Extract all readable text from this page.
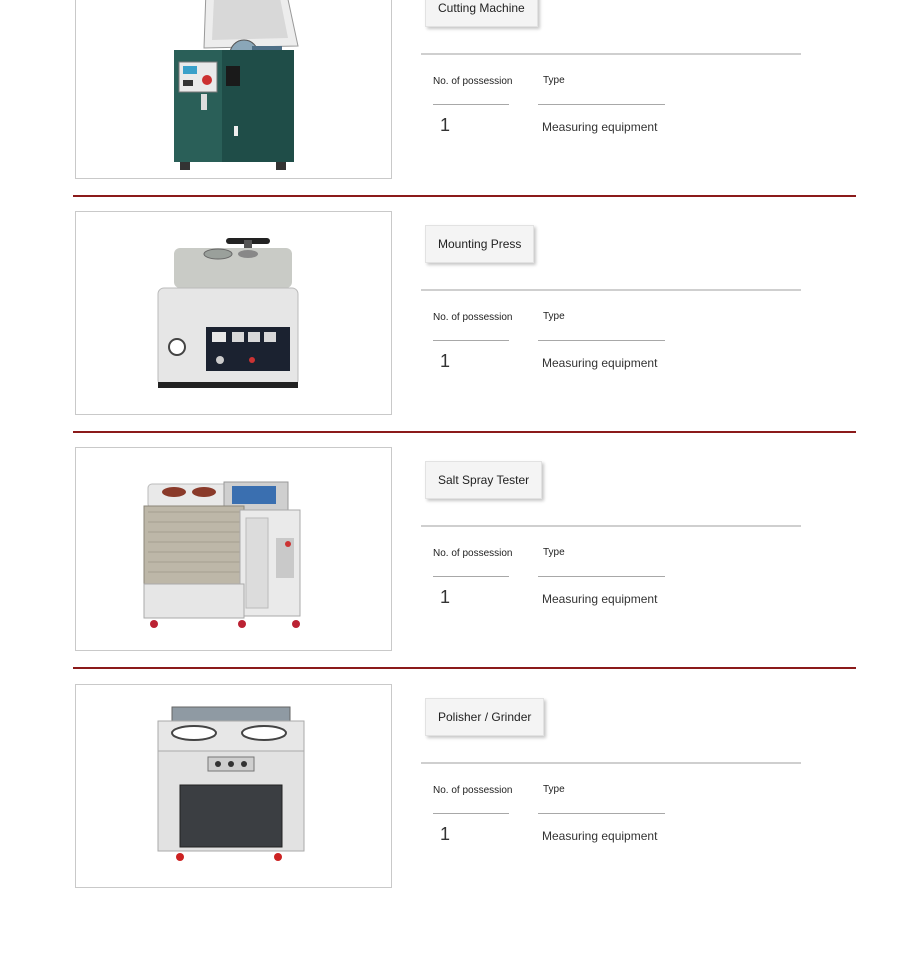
Cutting Machine
No. of possession	Type
1	Measuring equipment
Mounting Press
No. of possession	Type
1	Measuring equipment
Salt Spray Tester
No. of possession	Type
1	Measuring equipment
Polisher / Grinder
No. of possession	Type
1	Measuring equipment
